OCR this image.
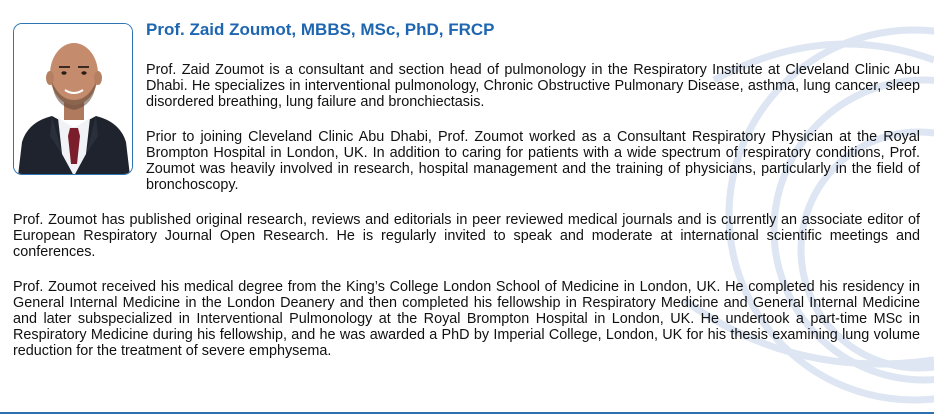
Prof. Zaid Zoumot, MBBS, MSc, PhD, FRCP

Prof. Zaid Zoumot is a consultant and section head of pulmonology in the Respiratory Institute at Cleveland Clinic Abu Dhabi. He specializes in interventional pulmonology, Chronic Obstructive Pulmonary Disease, asthma, lung cancer, sleep disordered breathing, lung failure and bronchiectasis.

Prior to joining Cleveland Clinic Abu Dhabi, Prof. Zoumot worked as a Consultant Respiratory Physician at the Royal Brompton Hospital in London, UK. In addition to caring for patients with a wide spectrum of respiratory conditions, Prof. Zoumot was heavily involved in research, hospital management and the training of physicians, particularly in the field of bronchoscopy.

Prof. Zoumot has published original research, reviews and editorials in peer reviewed medical journals and is currently an associate editor of European Respiratory Journal Open Research. He is regularly invited to speak and moderate at international scientific meetings and conferences.

Prof. Zoumot received his medical degree from the King’s College London School of Medicine in London, UK. He completed his residency in General Internal Medicine in the London Deanery and then completed his fellowship in Respiratory Medicine and General Internal Medicine and later subspecialized in Interventional Pulmonology at the Royal Brompton Hospital in London, UK. He undertook a part-time MSc in Respiratory Medicine during his fellowship, and he was awarded a PhD by Imperial College, London, UK for his thesis examining lung volume reduction for the treatment of severe emphysema.
